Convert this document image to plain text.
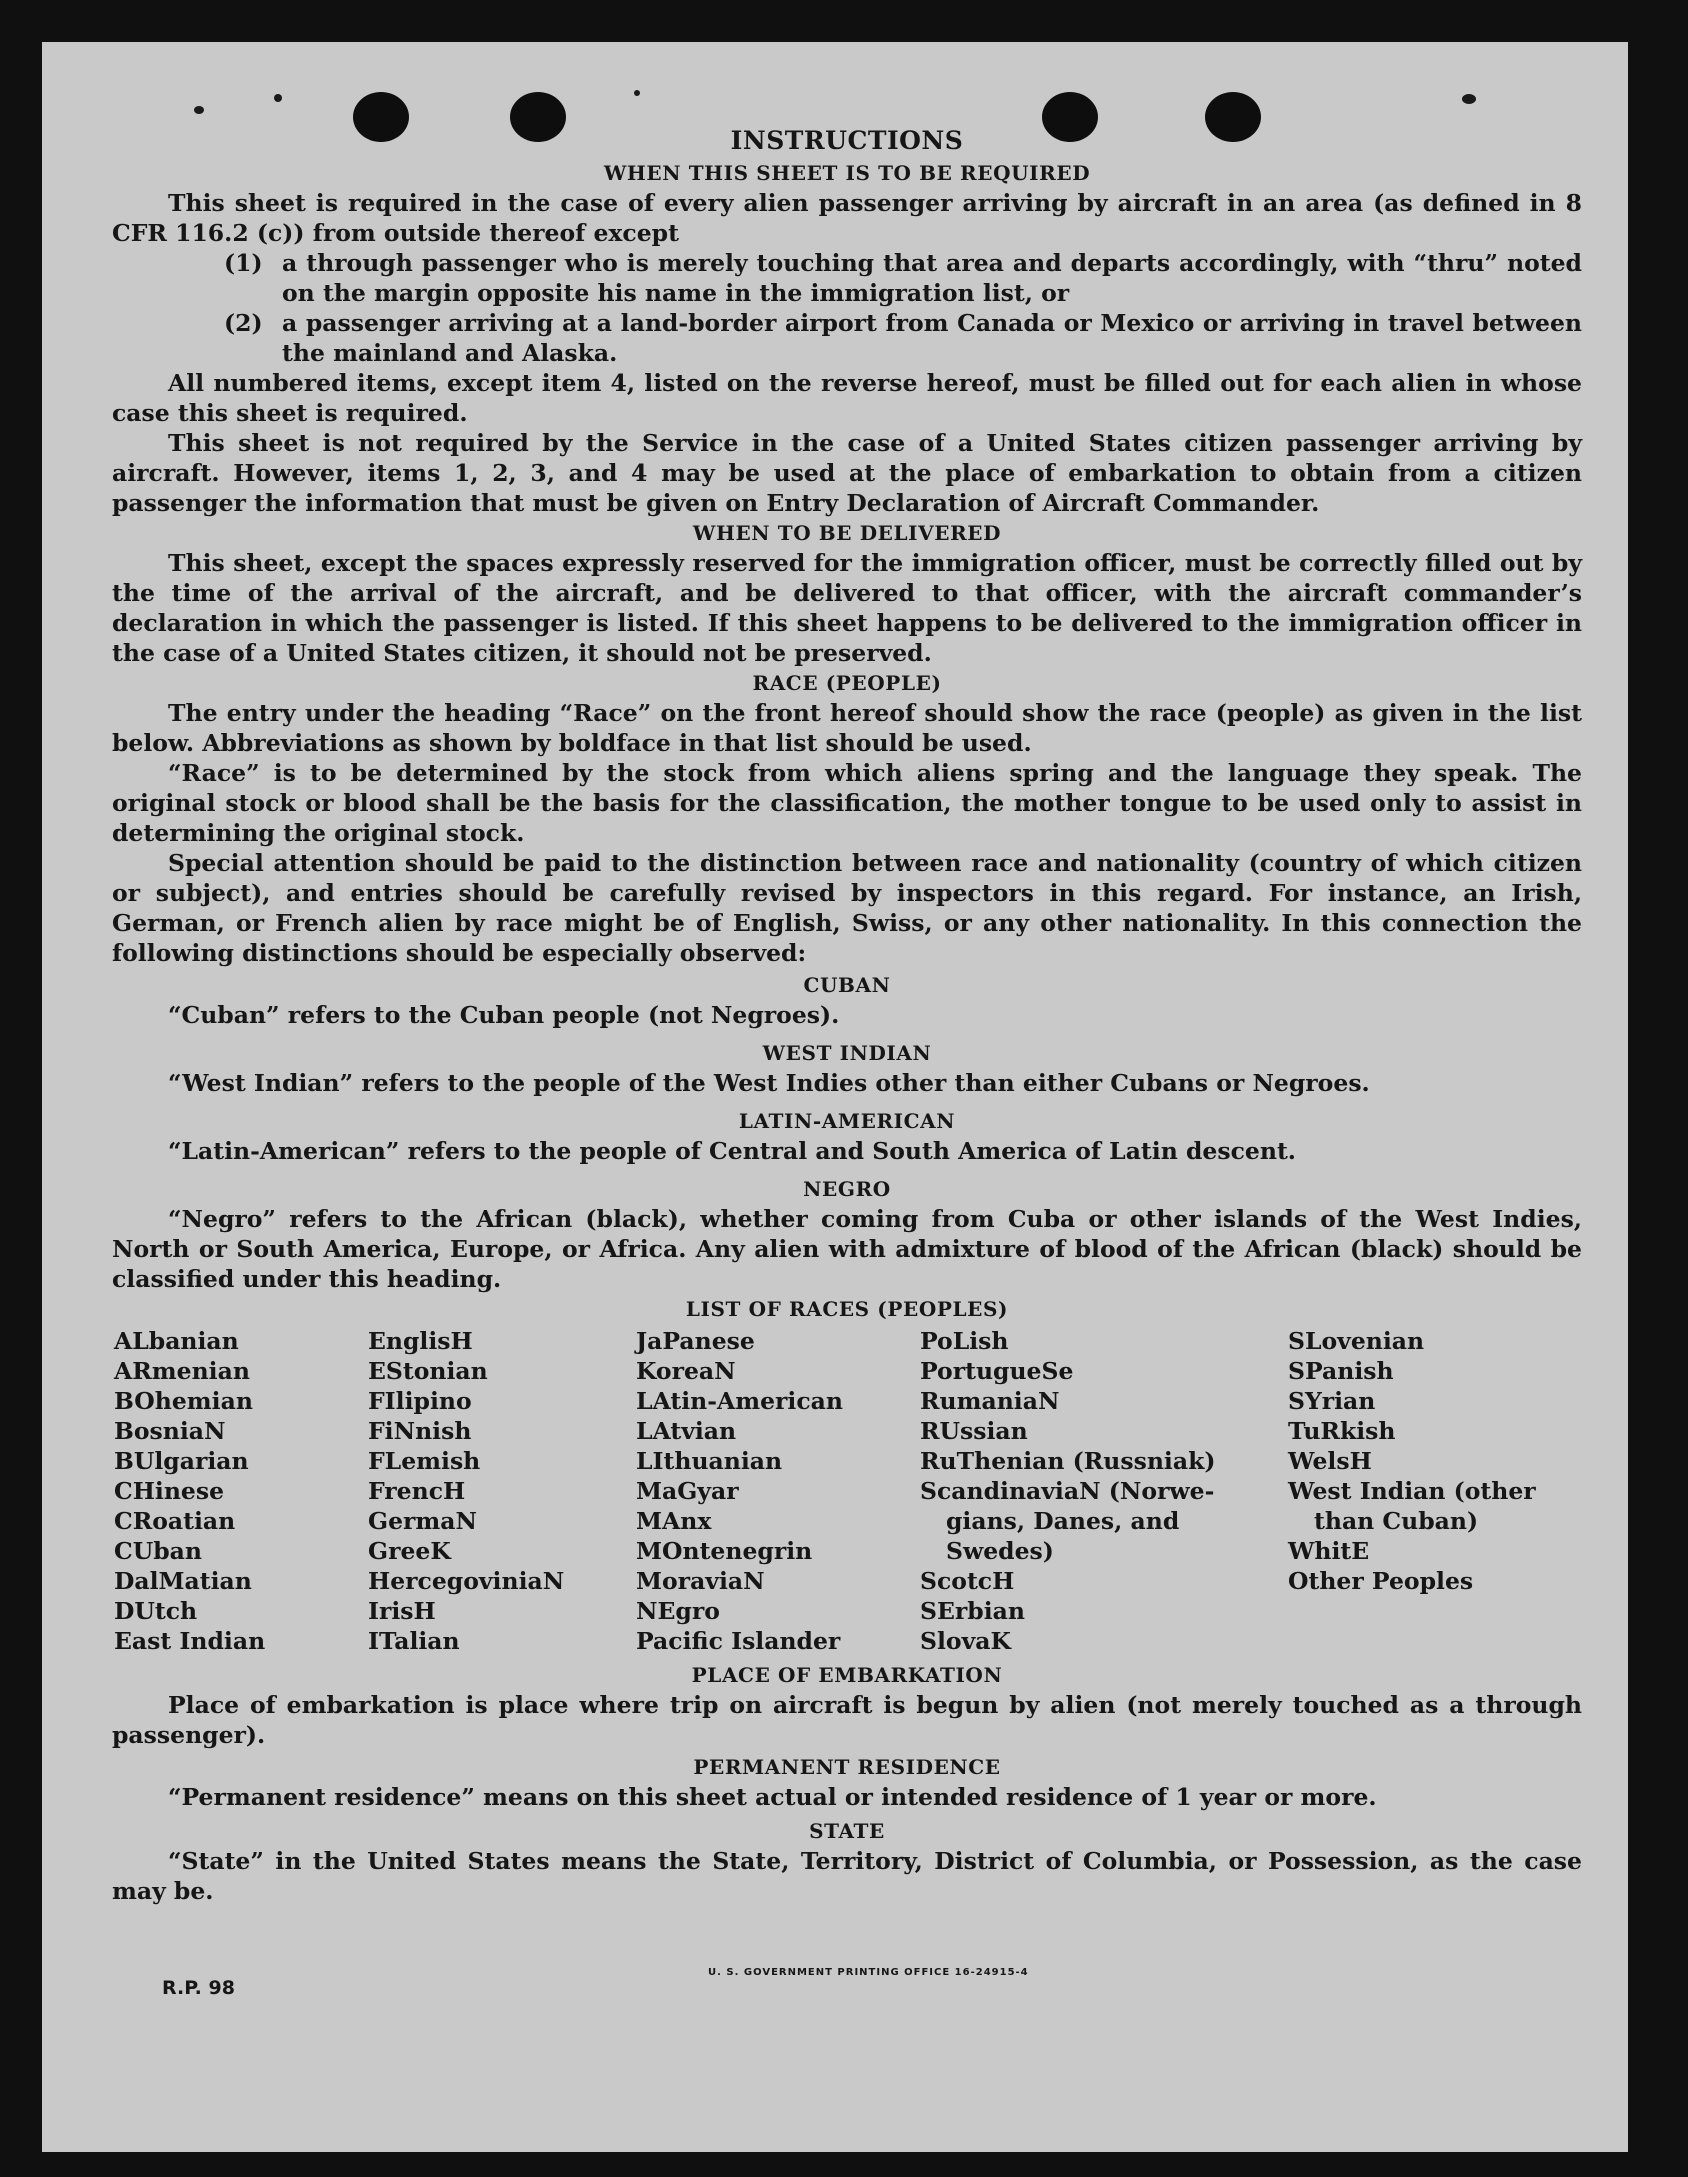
INSTRUCTIONS
WHEN THIS SHEET IS TO BE REQUIRED

This sheet is required in the case of every alien passenger arriving by aircraft in an area (as defined in 8 CFR 116.2 (c)) from outside thereof except

(1) a through passenger who is merely touching that area and departs accordingly, with “thru” noted on the margin opposite his name in the immigration list, or
(2) a passenger arriving at a land-border airport from Canada or Mexico or arriving in travel between the mainland and Alaska.

All numbered items, except item 4, listed on the reverse hereof, must be filled out for each alien in whose case this sheet is required.

This sheet is not required by the Service in the case of a United States citizen passenger arriving by aircraft. However, items 1, 2, 3, and 4 may be used at the place of embarkation to obtain from a citizen passenger the information that must be given on Entry Declaration of Aircraft Commander.

WHEN TO BE DELIVERED

This sheet, except the spaces expressly reserved for the immigration officer, must be correctly filled out by the time of the arrival of the aircraft, and be delivered to that officer, with the aircraft commander’s declaration in which the passenger is listed. If this sheet happens to be delivered to the immigration officer in the case of a United States citizen, it should not be preserved.

RACE (PEOPLE)

The entry under the heading “Race” on the front hereof should show the race (people) as given in the list below. Abbreviations as shown by boldface in that list should be used.

“Race” is to be determined by the stock from which aliens spring and the language they speak. The original stock or blood shall be the basis for the classification, the mother tongue to be used only to assist in determining the original stock.

Special attention should be paid to the distinction between race and nationality (country of which citizen or subject), and entries should be carefully revised by inspectors in this regard. For instance, an Irish, German, or French alien by race might be of English, Swiss, or any other nationality. In this connection the following distinctions should be especially observed:

CUBAN

“Cuban” refers to the Cuban people (not Negroes).

WEST INDIAN

“West Indian” refers to the people of the West Indies other than either Cubans or Negroes.

LATIN-AMERICAN

“Latin-American” refers to the people of Central and South America of Latin descent.

NEGRO

“Negro” refers to the African (black), whether coming from Cuba or other islands of the West Indies, North or South America, Europe, or Africa. Any alien with admixture of blood of the African (black) should be classified under this heading.

LIST OF RACES (PEOPLES)
ALbanian
ARmenian
BOhemian
BosniaN
BUlgarian
CHinese
CRoatian
CUban
DalMatian
DUtch
East Indian
EnglisH
EStonian
FIlipino
FiNnish
FLemish
FrencH
GermaN
GreeK
HercegoviniaN
IrisH
ITalian
JaPanese
KoreaN
LAtin-American
LAtvian
LIthuanian
MaGyar
MAnx
MOntenegrin
MoraviaN
NEgro
Pacific Islander
PoLish
PortugueSe
RumaniaN
RUssian
RuThenian (Russniak)
ScandinaviaN (Norwe-
gians, Danes, and
Swedes)
ScotcH
SErbian
SlovaK
SLovenian
SPanish
SYrian
TuRkish
WelsH
West Indian (other
than Cuban)
WhitE
Other Peoples
PLACE OF EMBARKATION

Place of embarkation is place where trip on aircraft is begun by alien (not merely touched as a through passenger).

PERMANENT RESIDENCE

“Permanent residence” means on this sheet actual or intended residence of 1 year or more.

STATE

“State” in the United States means the State, Territory, District of Columbia, or Possession, as the case may be.

R.P. 98
U. S. GOVERNMENT PRINTING OFFICE 16-24915-4
